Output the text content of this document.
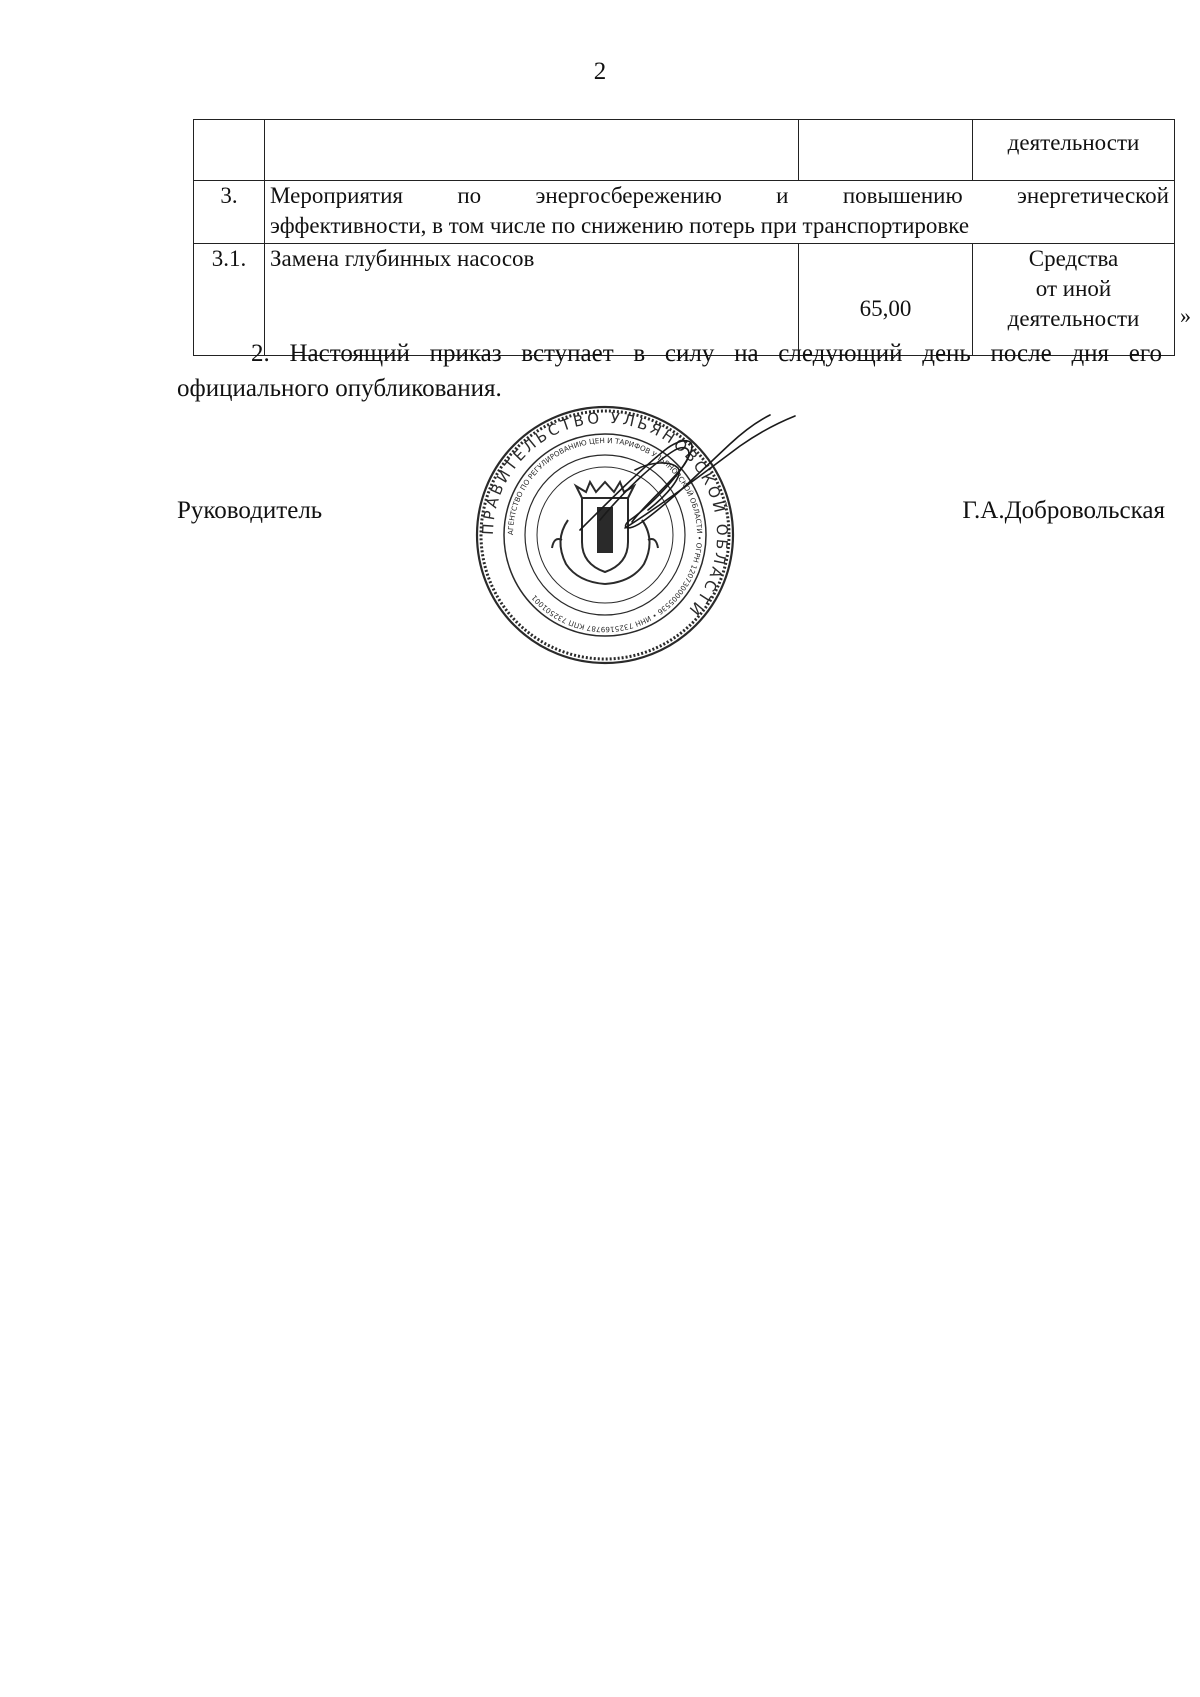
2
			деятельности
3.	Мероприятия по энергосбережению и повышению энергетической
эффективности, в том числе по снижению потерь при транспортировке		

3.1.	Замена глубинных насосов	65,00	Средства
от иной
деятельности	»
2. Настоящий приказ вступает в силу на следующий день после дня его
официального опубликования.
Руководитель	Г.А.Добровольская
ПРАВИТЕЛЬСТВО УЛЬЯНОВСКОЙ ОБЛАСТИ
АГЕНТСТВО ПО РЕГУЛИРОВАНИЮ ЦЕН И ТАРИФОВ УЛЬЯНОВСКОЙ ОБЛАСТИ • ОГРН 1207300005536 • ИНН 7325169787 КПП 732501001
